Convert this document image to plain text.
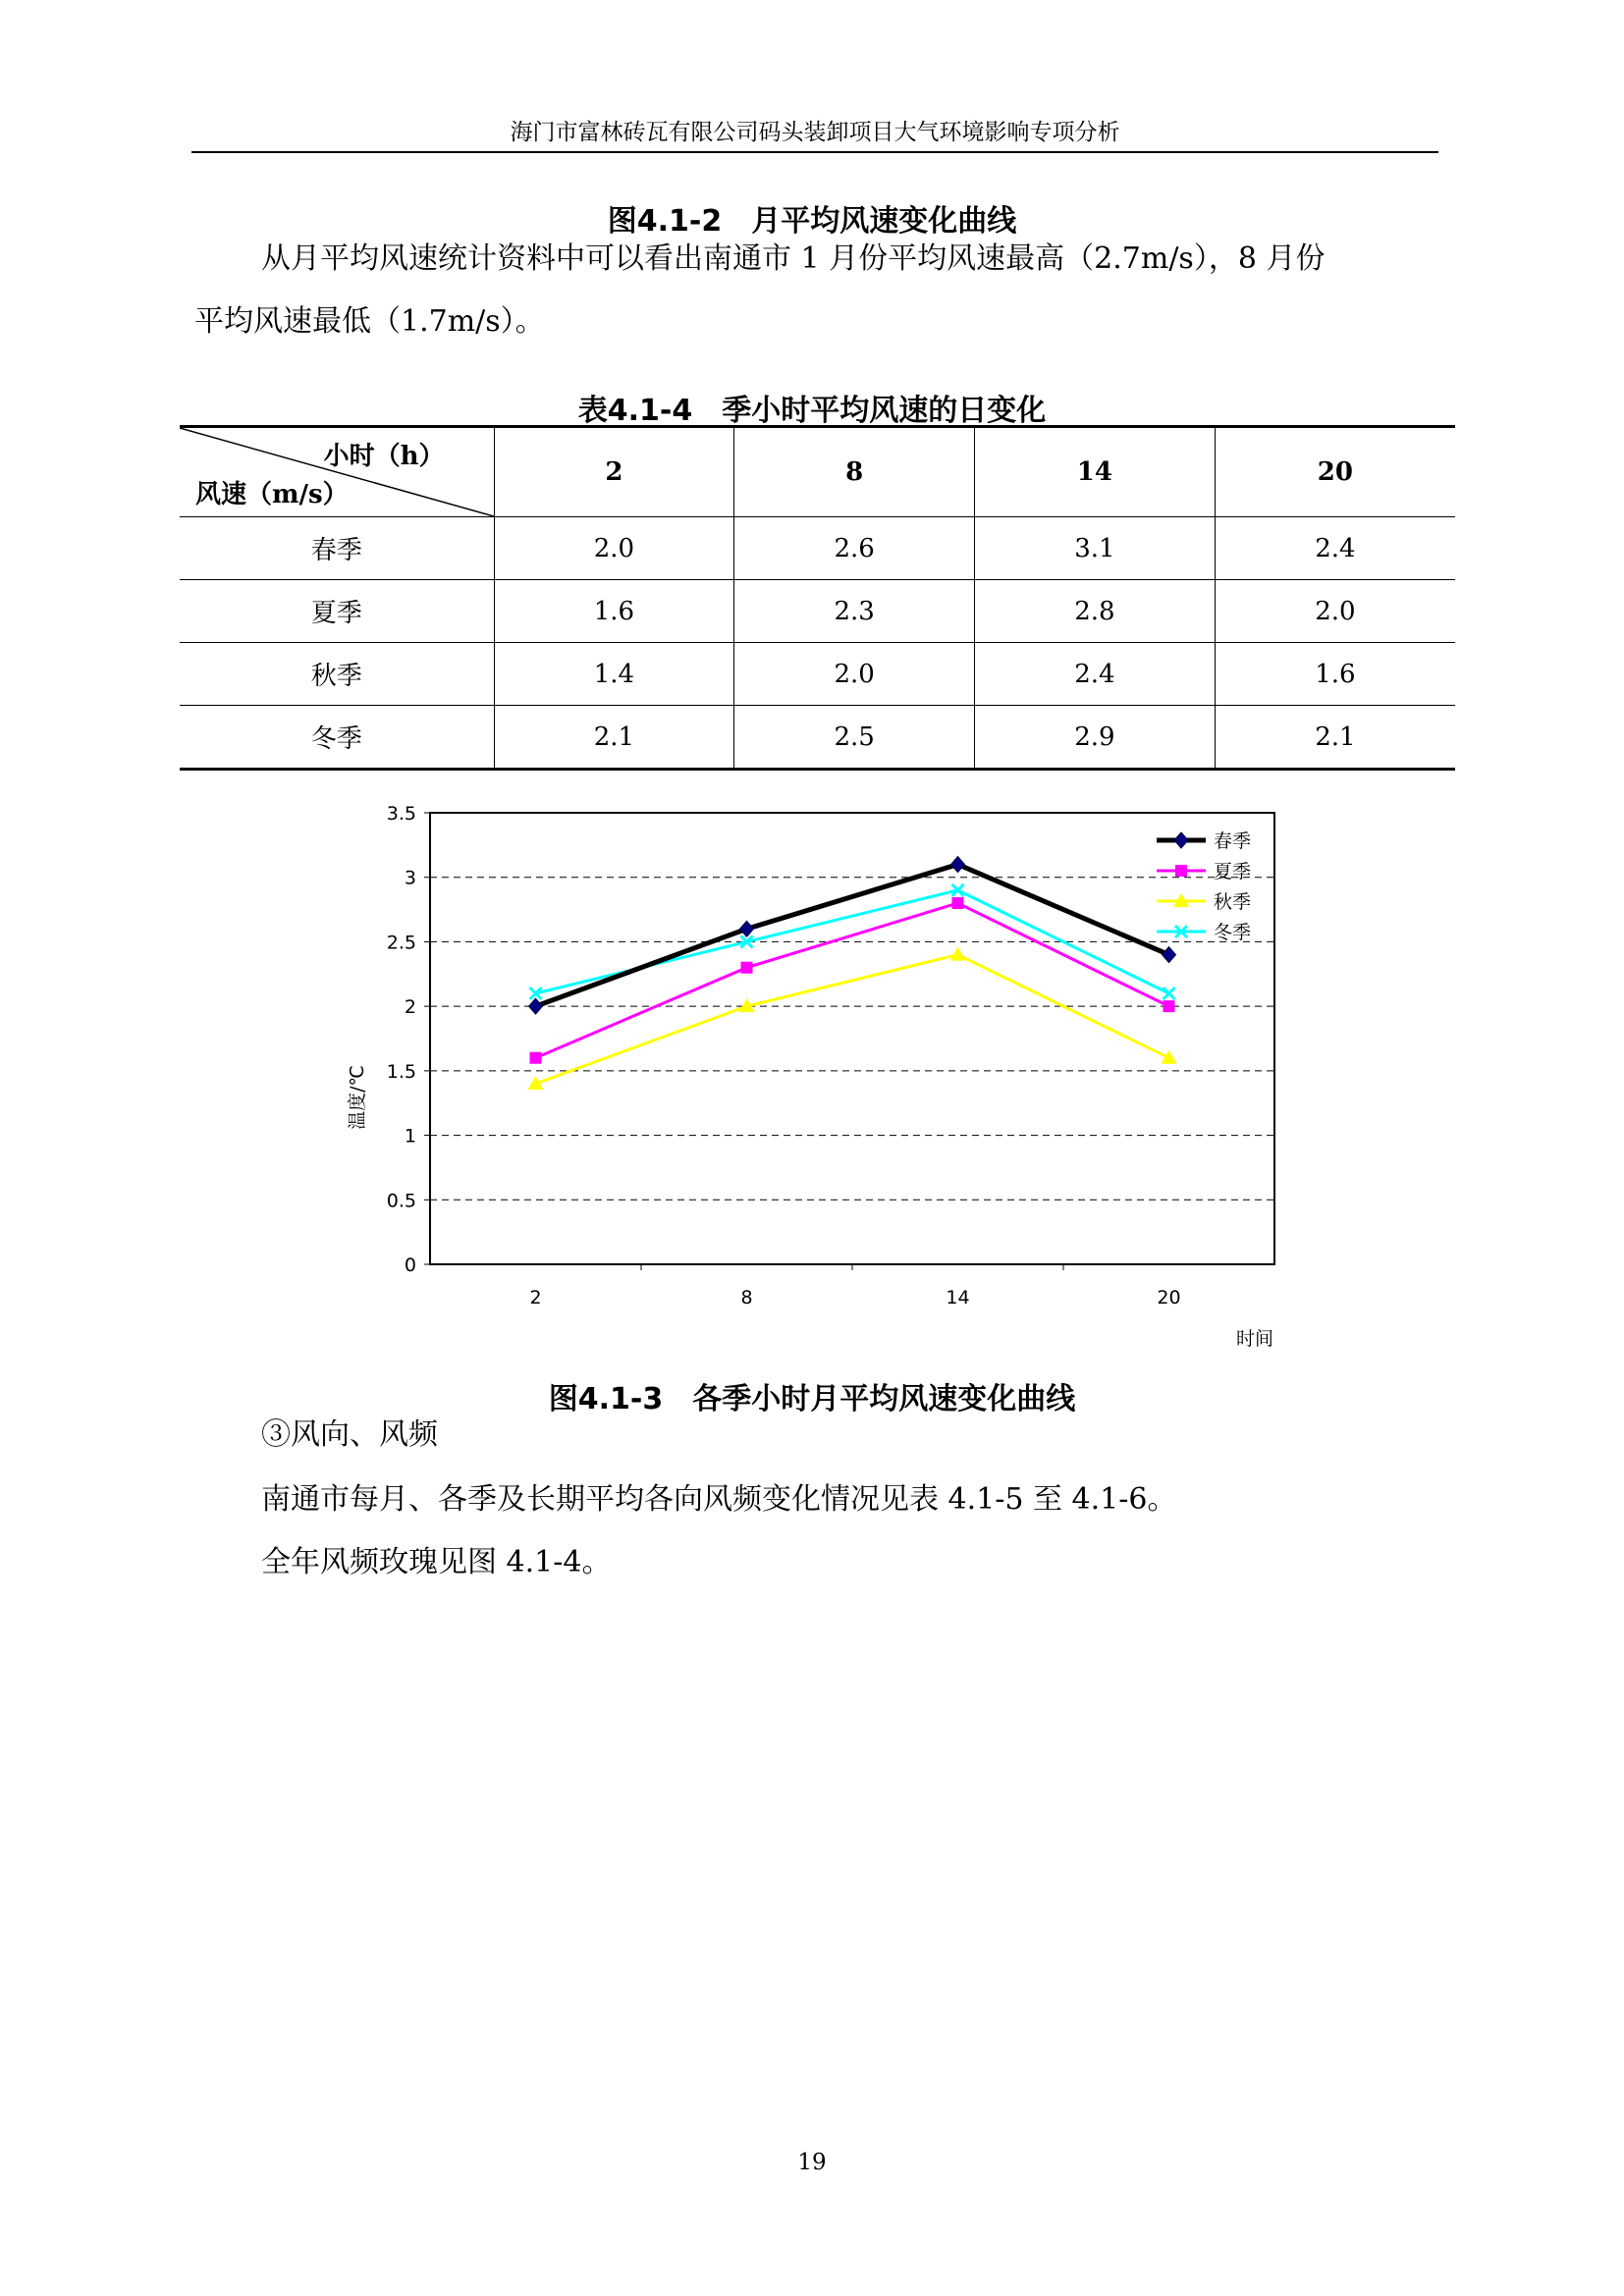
海门市富林砖瓦有限公司码头装卸项目大气环境影响专项分析
图4.1-2　月平均风速变化曲线
从月平均风速统计资料中可以看出南通市 1 月份平均风速最高（2.7m/s），8 月份
平均风速最低（1.7m/s）。
表4.1-4　季小时平均风速的日变化
小时（h）
风速（m/s）	2	8	14	20
春季	2.0	2.6	3.1	2.4
夏季	1.6	2.3	2.8	2.0
秋季	1.4	2.0	2.4	1.6
冬季	2.1	2.5	2.9	2.1
0
0.5
1
1.5
2
2.5
3
3.5
2	8	14	20
时间
温度/℃
春季
夏季
秋季
冬季
图4.1-3　各季小时月平均风速变化曲线
③风向、风频
南通市每月、各季及长期平均各向风频变化情况见表 4.1-5 至 4.1-6。
全年风频玫瑰见图 4.1-4。
19
